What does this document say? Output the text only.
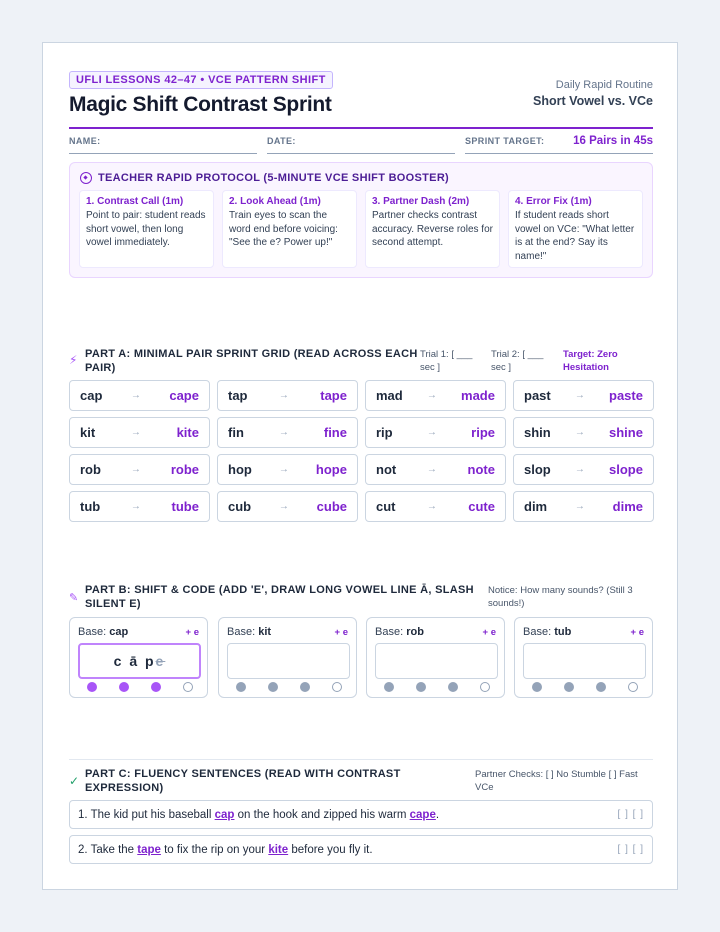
UFLI LESSONS 42–47 • VCE PATTERN SHIFT
Magic Shift Contrast Sprint
Daily Rapid Routine
Short Vowel vs. VCe
NAME:	DATE:	SPRINT TARGET: 16 Pairs in 45s
TEACHER RAPID PROTOCOL (5-MINUTE VCE SHIFT BOOSTER)
1. Contrast Call (1m)
Point to pair: student reads short vowel, then long vowel immediately.
2. Look Ahead (1m)
Train eyes to scan the word end before voicing: "See the e? Power up!"
3. Partner Dash (2m)
Partner checks contrast accuracy. Reverse roles for second attempt.
4. Error Fix (1m)
If student reads short vowel on VCe: "What letter is at the end? Say its name!"
⚡ PART A: MINIMAL PAIR SPRINT GRID (READ ACROSS EACH PAIR)
Trial 1: [ ___ sec ]
Trial 2: [ ___ sec ]
Target: Zero Hesitation
cap	→ cape tap	→ tape mad → made past → paste
kit	→	kite fin	→	fine rip	→	ripe shin → shine
rob	→ robe hop	→ hope not	→ note slop → slope
tub	→ tube cub	→ cube cut	→ cute dim	→ dime
✎
PART B: SHIFT & CODE (ADD 'E', DRAW LONG VOWEL LINE Ā, SLASH SILENT E)
Notice: How many sounds? (Still 3 sounds!)
Base: cap	+ e
c ā pe
Base: kit	+ e Base: rob	+ e Base: tub	+ e
✓ PART C: FLUENCY SENTENCES (READ WITH CONTRAST EXPRESSION)
Partner Checks: [ ] No Stumble [ ] Fast VCe
1. The kid put his baseball cap on the hook and zipped his warm cape.	[ ] [ ]
2. Take the tape to fix the rip on your kite before you fly it.	[ ] [ ]
